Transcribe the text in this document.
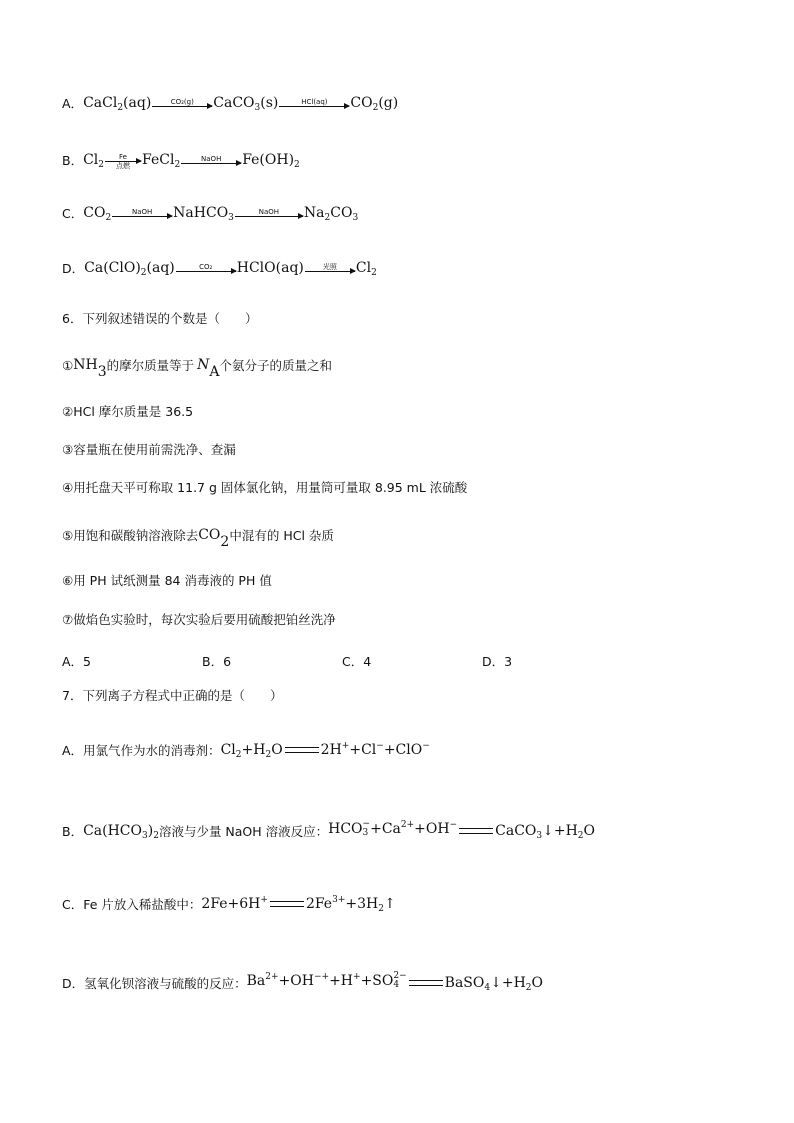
A． CaCl$_2$(aq)	CO₂(g)	CaCO$_3$(s)	HCl(aq)	$CO_2(g)$
B． $Cl_2$
Fe
点燃 FeCl$_2$
NaOH	$Fe(OH)_2$
C． $CO_2$
NaOH	NaHCO$_3$
NaOH	$Na_2CO_3$
D． $Ca(ClO)_2(aq)$	CO₂	HClO(aq)	光照	$Cl_2$
6．下列叙述错误的个数是（　　）
① NH 3 的摩尔质量等于 N A 个氨分子的质量之和
②HCl 摩尔质量是 36.5
③容量瓶在使用前需洗净、查漏
④用托盘天平可称取 11.7 g 固体氯化钠，用量筒可量取 8.95 mL 浓硫酸
⑤用饱和碳酸钠溶液除去 CO 2 中混有的 HCl 杂质
⑥用 PH 试纸测量 84 消毒液的 PH 值
⑦做焰色实验时，每次实验后要用硫酸把铂丝洗净
A．5	B．6	C．4	D．3
7．下列离子方程式中正确的是（　　）
A．用氯气作为水的消毒剂： $Cl_2+H_2O$	2H++Cl−+ClO−
B． $Ca(HCO_3)_2$ 溶液与少量 NaOH 溶液反应： HCO −
$3 +Ca^{2+}+OH^-$	$CaCO_3↓+H_2O$
C．Fe 片放入稀盐酸中： 2Fe+6H+	$2Fe^{3+}+3H_2↑$
D．氢氧化钡溶液与硫酸的反应： $Ba^{2+}+OH^{-+}+H^++SO$ 2−
4	$BaSO_4↓+H_2O$
